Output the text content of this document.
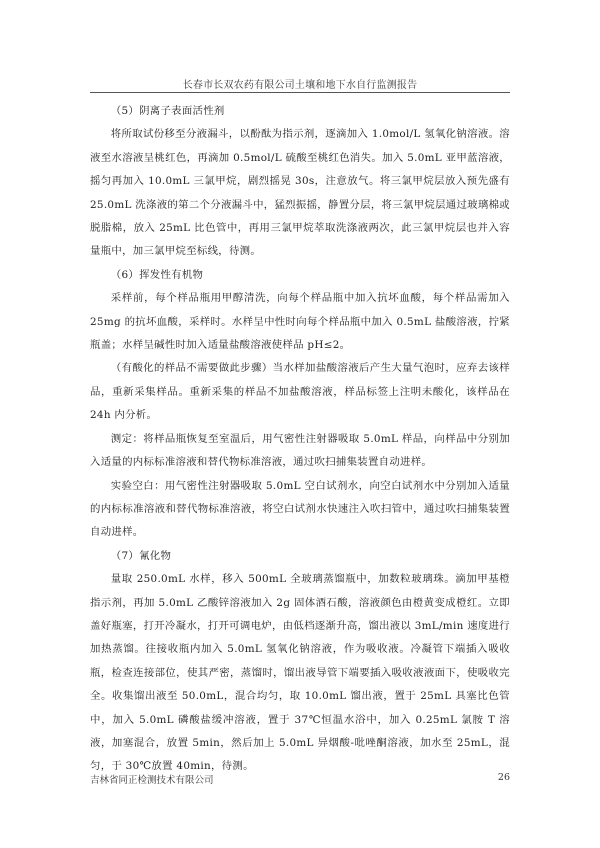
长春市长双农药有限公司土壤和地下水自行监测报告

（5）阴离子表面活性剂

将所取试份移至分液漏斗，以酚酞为指示剂，逐滴加入 1.0mol/L 氢氧化钠溶液。溶液至水溶液呈桃红色，再滴加 0.5mol/L 硫酸至桃红色消失。加入 5.0mL 亚甲蓝溶液，摇匀再加入 10.0mL 三氯甲烷，剧烈摇晃 30s，注意放气。将三氯甲烷层放入预先盛有 25.0mL 洗涤液的第二个分液漏斗中，猛烈振摇，静置分层，将三氯甲烷层通过玻璃棉或脱脂棉，放入 25mL 比色管中，再用三氯甲烷萃取洗涤液两次，此三氯甲烷层也并入容量瓶中，加三氯甲烷至标线，待测。

（6）挥发性有机物

采样前，每个样品瓶用甲醇清洗，向每个样品瓶中加入抗坏血酸，每个样品需加入 25mg 的抗坏血酸，采样时。水样呈中性时向每个样品瓶中加入 0.5mL 盐酸溶液，拧紧瓶盖；水样呈碱性时加入适量盐酸溶液使样品 pH≤2。

（有酸化的样品不需要做此步骤）当水样加盐酸溶液后产生大量气泡时，应弃去该样品，重新采集样品。重新采集的样品不加盐酸溶液，样品标签上注明未酸化，该样品在 24h 内分析。

测定：将样品瓶恢复至室温后，用气密性注射器吸取 5.0mL 样品，向样品中分别加入适量的内标标准溶液和替代物标准溶液，通过吹扫捕集装置自动进样。

实验空白：用气密性注射器吸取 5.0mL 空白试剂水，向空白试剂水中分别加入适量的内标标准溶液和替代物标准溶液，将空白试剂水快速注入吹扫管中，通过吹扫捕集装置自动进样。

（7）氰化物

量取 250.0mL 水样，移入 500mL 全玻璃蒸馏瓶中，加数粒玻璃珠。滴加甲基橙指示剂，再加 5.0mL 乙酸锌溶液加入 2g 固体酒石酸，溶液颜色由橙黄变成橙红。立即盖好瓶塞，打开冷凝水，打开可调电炉，由低档逐渐升高，馏出液以 3mL/min 速度进行加热蒸馏。往接收瓶内加入 5.0mL 氢氧化钠溶液，作为吸收液。冷凝管下端插入吸收瓶，检查连接部位，使其严密，蒸馏时，馏出液导管下端要插入吸收液液面下，使吸收完全。收集馏出液至 50.0mL，混合均匀，取 10.0mL 馏出液，置于 25mL 具塞比色管中，加入 5.0mL 磷酸盐缓冲溶液，置于 37℃恒温水浴中，加入 0.25mL 氯胺 T 溶液，加塞混合，放置 5min，然后加上 5.0mL 异烟酸-吡唑酮溶液，加水至 25mL，混匀，于 30℃放置 40min，待测。

吉林省同正检测技术有限公司	26
